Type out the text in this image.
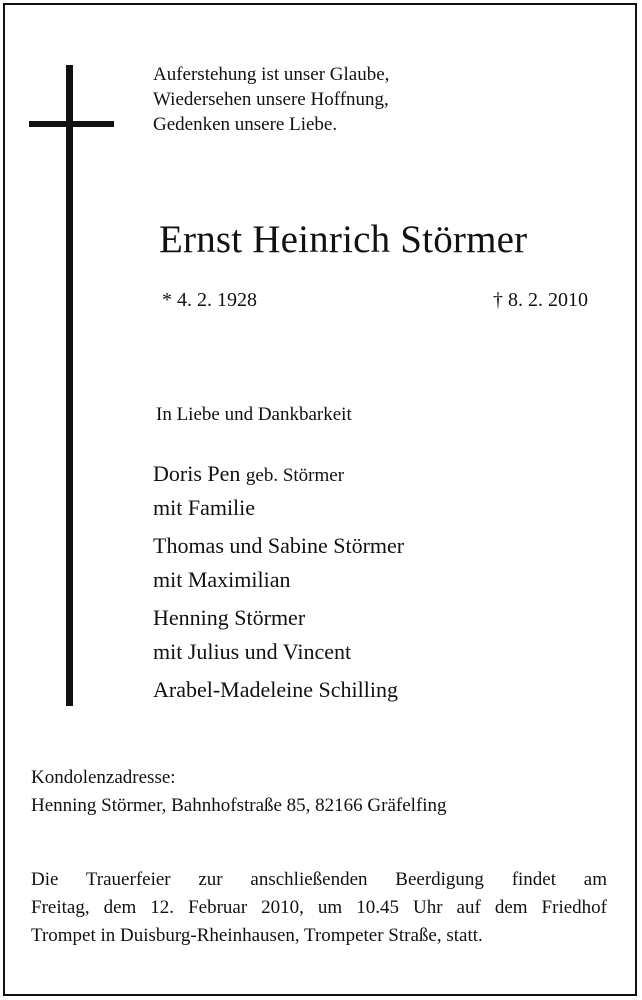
Auferstehung ist unser Glaube,
Wiedersehen unsere Hoffnung,
Gedenken unsere Liebe.
Ernst Heinrich Störmer
* 4. 2. 1928	† 8. 2. 2010
In Liebe und Dankbarkeit
Doris Pen geb. Störmer
mit Familie
Thomas und Sabine Störmer
mit Maximilian
Henning Störmer
mit Julius und Vincent
Arabel-Madeleine Schilling
Kondolenzadresse:
Henning Störmer, Bahnhofstraße 85, 82166 Gräfelfing
Die Trauerfeier zur anschließenden Beerdigung findet am
Freitag, dem 12. Februar 2010, um 10.45 Uhr auf dem Friedhof
Trompet in Duisburg-Rheinhausen, Trompeter Straße, statt.
